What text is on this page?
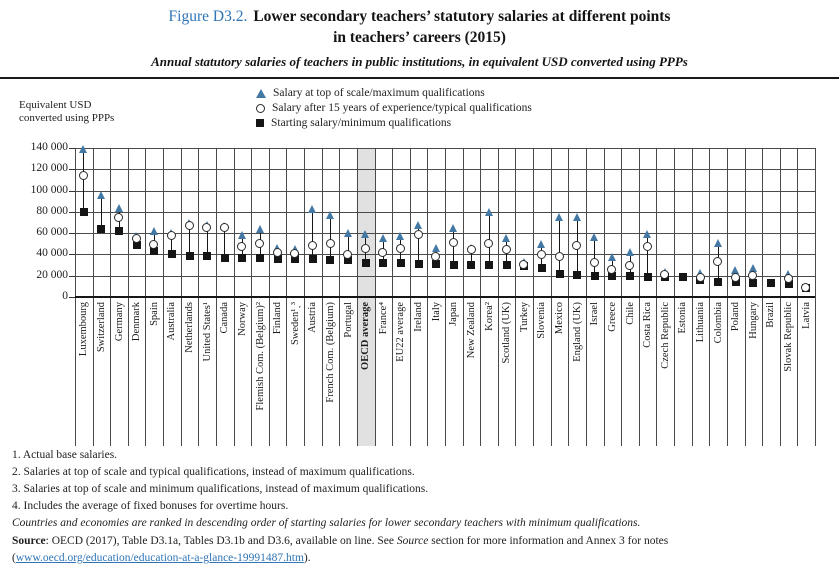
Figure D3.2. Lower secondary teachers’ statutory salaries at different points
in teachers’ careers (2015)
Annual statutory salaries of teachers in public institutions, in equivalent USD converted using PPPs
Salary at top of scale/maximum qualifications
Salary after 15 years of experience/typical qualifications
Starting salary/minimum qualifications
Equivalent USD
converted using PPPs
140 000
120 000
100 000
80 000
60 000
40 000
20 000
0
Luxembourg Switzerland Germany Denmark Spain Australia Netherlands United States¹ Canada Norway Flemish Com. (Belgium)² Finland Sweden¹ˏ³ Austria French Com. (Belgium) Portugal OECD average France⁴ EU22 average Ireland Italy Japan New Zealand Korea² Scotland (UK) Turkey Slovenia Mexico England (UK) Israel Greece Chile Costa Rica Czech Republic Estonia Lithuania Colombia Poland Hungary Brazil Slovak Republic Latvia
1. Actual base salaries.
2. Salaries at top of scale and typical qualifications, instead of maximum qualifications.
3. Salaries at top of scale and minimum qualifications, instead of maximum qualifications.
4. Includes the average of fixed bonuses for overtime hours.
Countries and economies are ranked in descending order of starting salaries for lower secondary teachers with minimum qualifications.
Source: OECD (2017), Table D3.1a, Tables D3.1b and D3.6, available on line. See Source section for more information and Annex 3 for notes
(www.oecd.org/education/education-at-a-glance-19991487.htm).
